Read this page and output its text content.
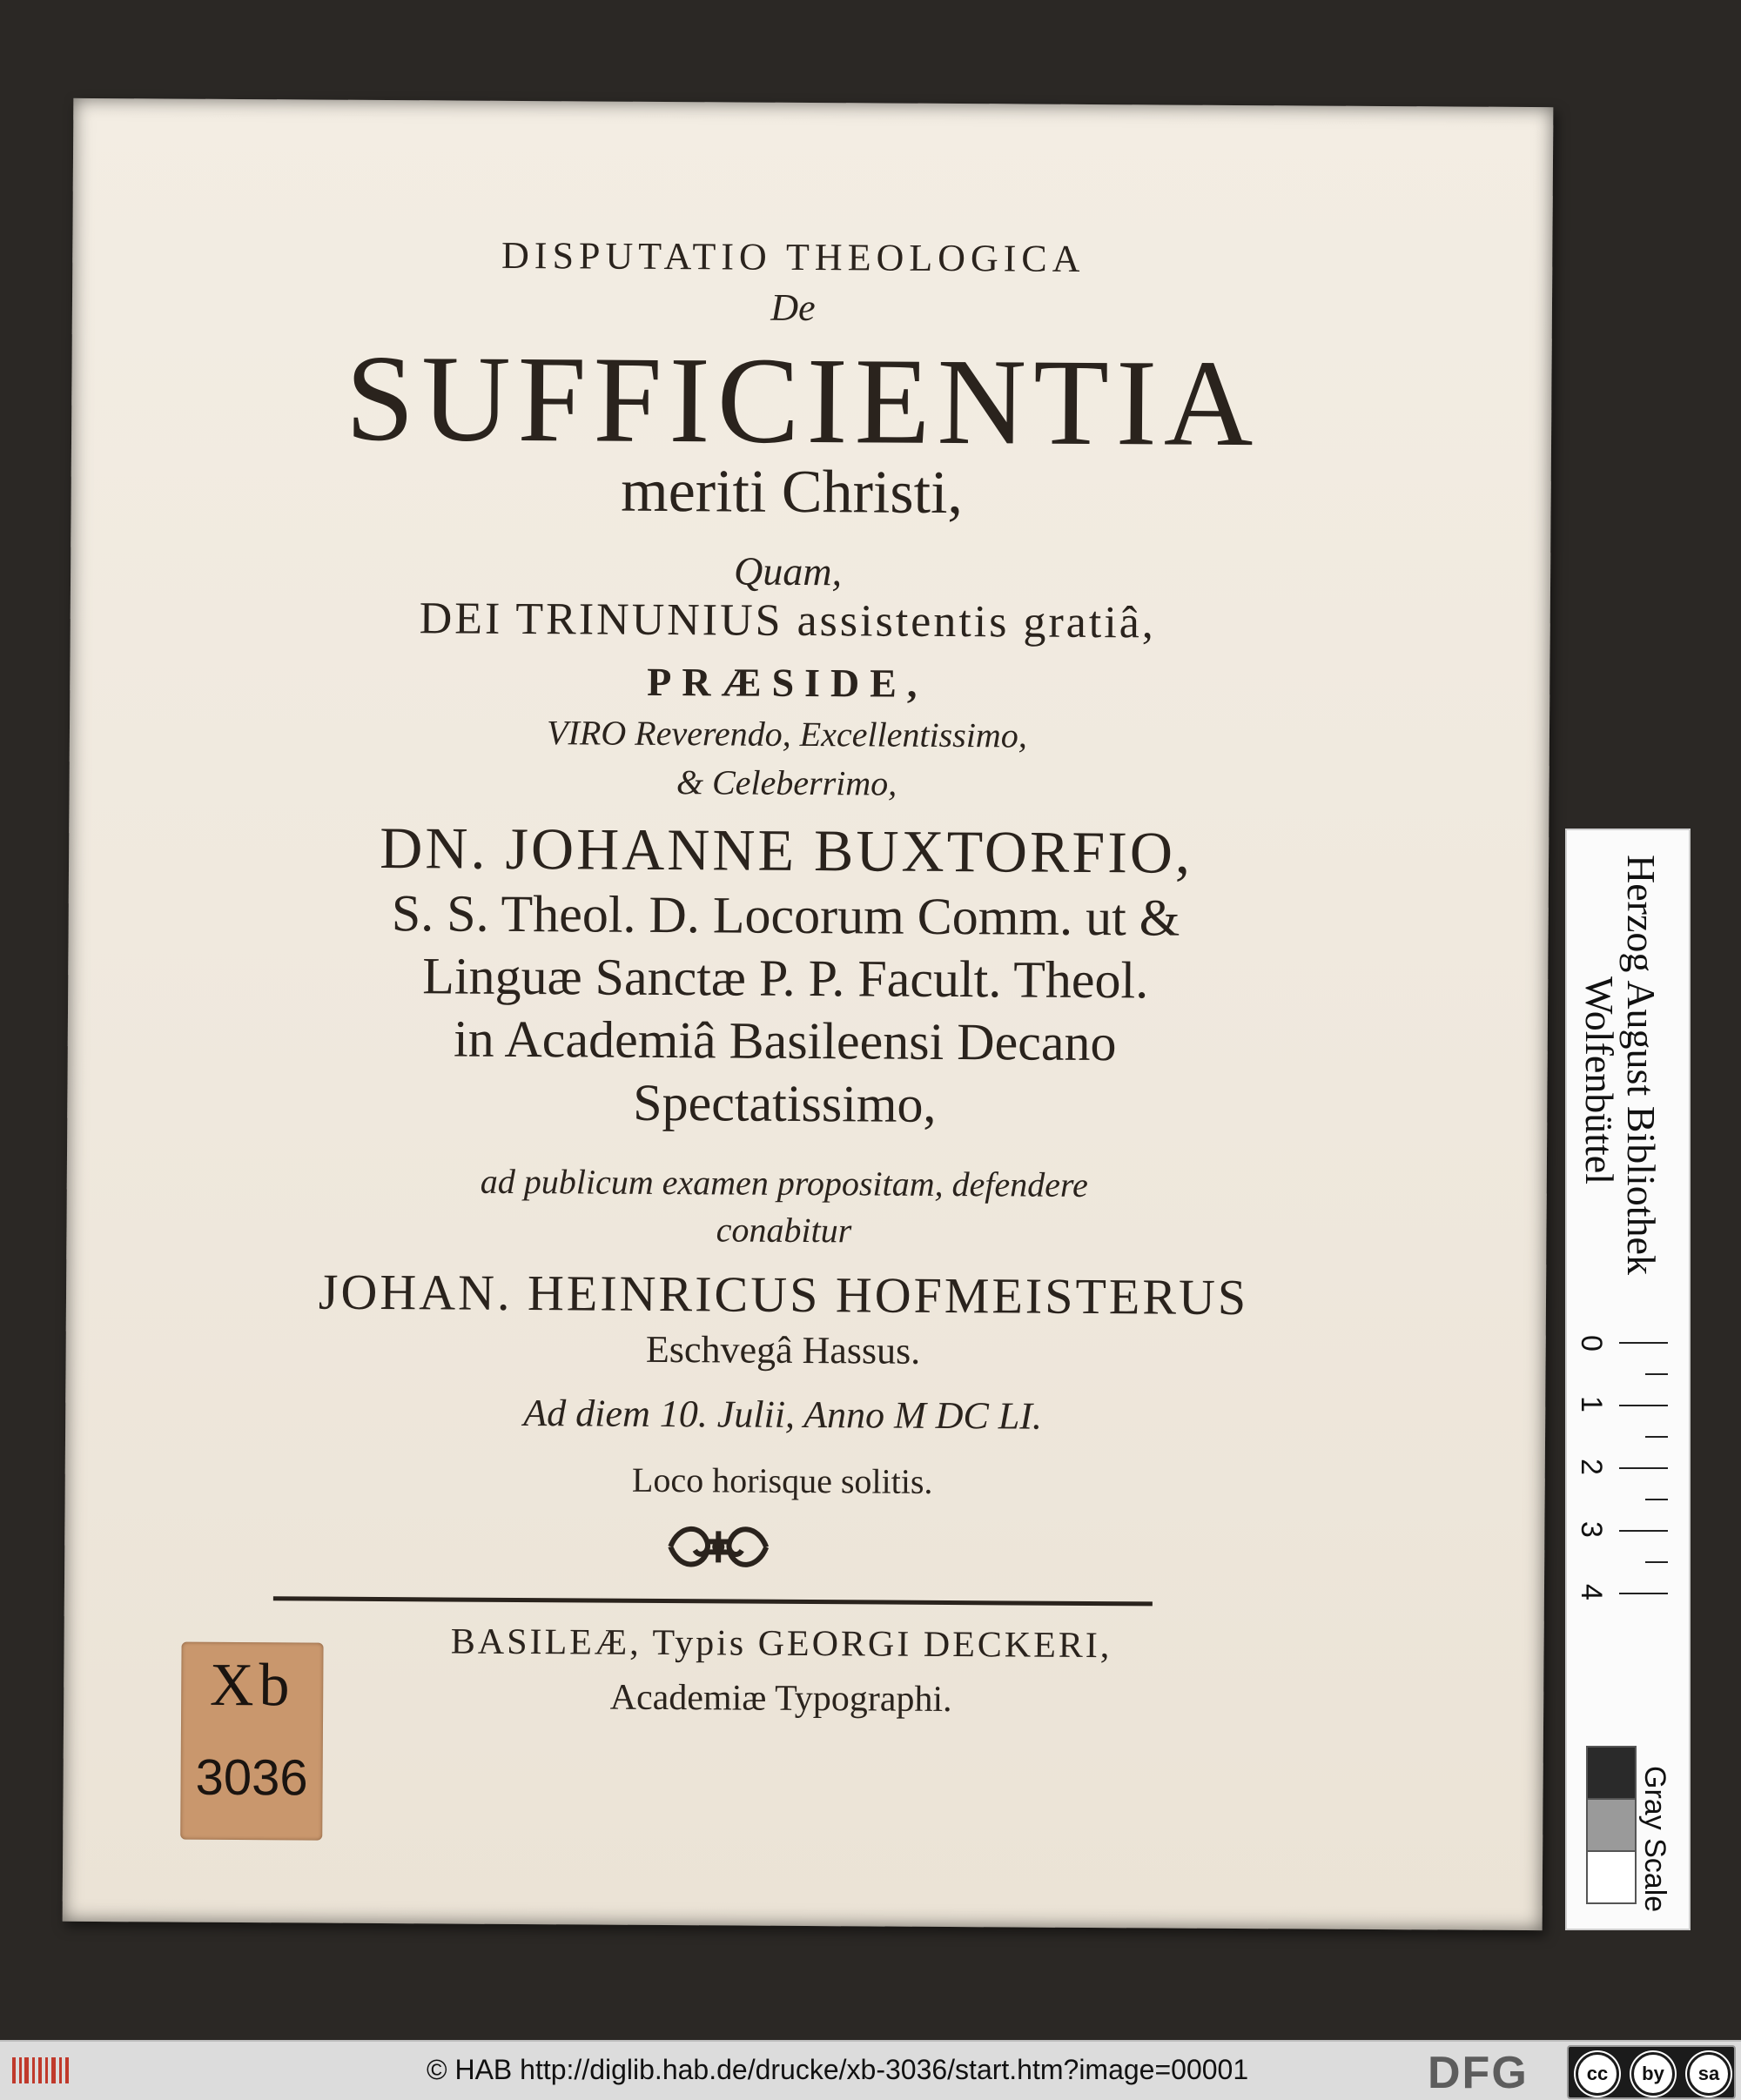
DISPUTATIO THEOLOGICA
De
SUFFICIENTIA
meriti Christi,
Quam,
DEI TRINUNIUS assistentis gratiâ,
PRÆSIDE,
VIRO Reverendo, Excellentissimo,
& Celeberrimo,
DN. JOHANNE BUXTORFIO,
S. S. Theol. D. Locorum Comm. ut &
Linguæ Sanctæ P. P. Facult. Theol.
in Academiâ Basileensi Decano
Spectatissimo,
ad publicum examen propositam, defendere
conabitur
JOHAN. HEINRICUS HOFMEISTERUS
Eschvegâ Hassus.
Ad diem 10. Julii, Anno M DC LI.
Loco horisque solitis.
BASILEÆ, Typis GEORGI DECKERI,
Academiæ Typographi.
Xb
3036
Herzog August Bibliothek
Wolfenbüttel
0
1
2
3
4
Gray Scale
© HAB http://diglib.hab.de/drucke/xb-3036/start.htm?image=00001	DFG	cc	by	sa
